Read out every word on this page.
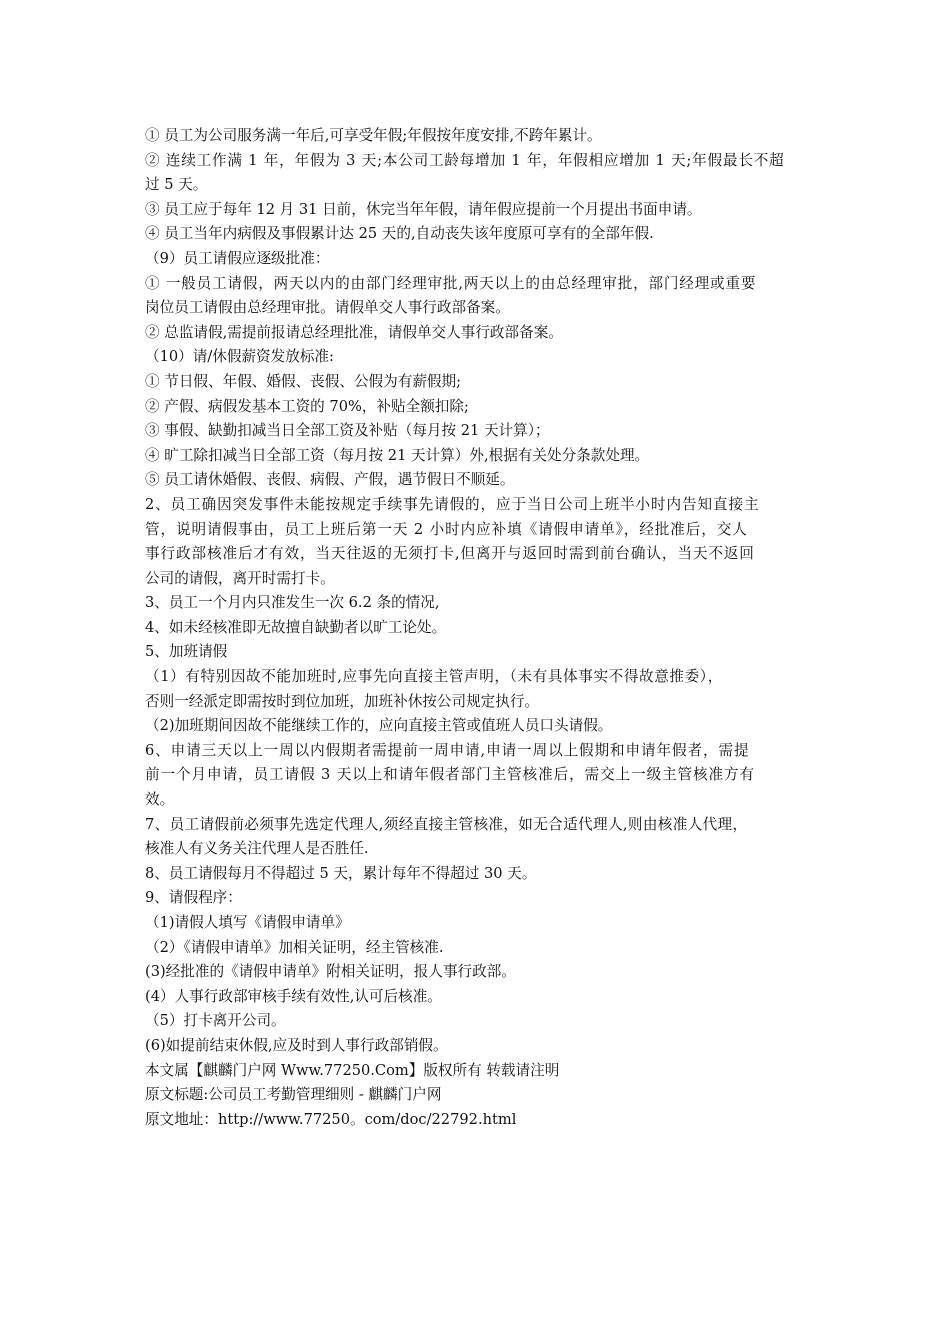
① 员工为公司服务满一年后,可享受年假;年假按年度安排,不跨年累计。
② 连续工作满 1 年，年假为 3 天;本公司工龄每增加 1 年，年假相应增加 1 天;年假最长不超
过 5 天。
③ 员工应于每年 12 月 31 日前，休完当年年假，请年假应提前一个月提出书面申请。
④ 员工当年内病假及事假累计达 25 天的,自动丧失该年度原可享有的全部年假.
（9）员工请假应逐级批准：
① 一般员工请假，两天以内的由部门经理审批,两天以上的由总经理审批，部门经理或重要
岗位员工请假由总经理审批。请假单交人事行政部备案。
② 总监请假,需提前报请总经理批准，请假单交人事行政部备案。
（10）请/休假薪资发放标准:
① 节日假、年假、婚假、丧假、公假为有薪假期;
② 产假、病假发基本工资的 70%，补贴全额扣除;
③ 事假、缺勤扣减当日全部工资及补贴（每月按 21 天计算）；
④ 旷工除扣减当日全部工资（每月按 21 天计算）外,根据有关处分条款处理。
⑤ 员工请休婚假、丧假、病假、产假，遇节假日不顺延。
2、员工确因突发事件未能按规定手续事先请假的，应于当日公司上班半小时内告知直接主
管，说明请假事由，员工上班后第一天 2 小时内应补填《请假申请单》，经批准后，交人
事行政部核准后才有效，当天往返的无须打卡,但离开与返回时需到前台确认，当天不返回
公司的请假，离开时需打卡。
3、员工一个月内只准发生一次 6.2 条的情况,
4、如未经核准即无故擅自缺勤者以旷工论处。
5、加班请假
（1）有特别因故不能加班时,应事先向直接主管声明，（未有具体事实不得故意推委），
否则一经派定即需按时到位加班，加班补休按公司规定执行。
（2)加班期间因故不能继续工作的，应向直接主管或值班人员口头请假。
6、申请三天以上一周以内假期者需提前一周申请,申请一周以上假期和申请年假者，需提
前一个月申请，员工请假 3 天以上和请年假者部门主管核准后，需交上一级主管核准方有
效。
7、员工请假前必须事先选定代理人,须经直接主管核准，如无合适代理人,则由核准人代理，
核准人有义务关注代理人是否胜任.
8、员工请假每月不得超过 5 天，累计每年不得超过 30 天。
9、请假程序：
（1)请假人填写《请假申请单》
（2）《请假申请单》加相关证明，经主管核准.
(3)经批准的《请假申请单》附相关证明，报人事行政部。
(4）人事行政部审核手续有效性,认可后核准。
（5）打卡离开公司。
(6)如提前结束休假,应及时到人事行政部销假。
本文属【麒麟门户网 Www.77250.Com】版权所有 转载请注明
原文标题:公司员工考勤管理细则 - 麒麟门户网
原文地址：http://www.77250。com/doc/22792.html
